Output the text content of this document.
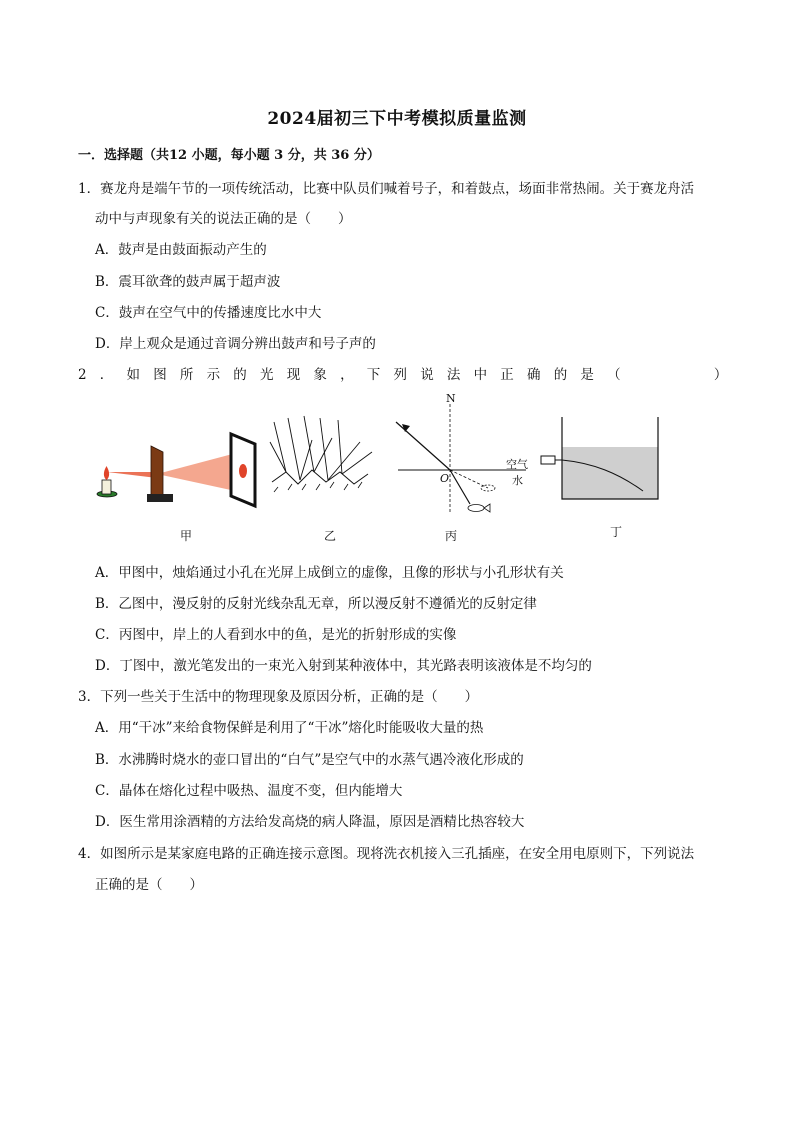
2024届初三下中考模拟质量监测
一．选择题（共12 小题，每小题 3 分，共 36 分）
1．赛龙舟是端午节的一项传统活动，比赛中队员们喊着号子，和着鼓点，场面非常热闹。关于赛龙舟活
动中与声现象有关的说法正确的是（　　）
A．鼓声是由鼓面振动产生的
B．震耳欲聋的鼓声属于超声波
C．鼓声在空气中的传播速度比水中大
D．岸上观众是通过音调分辨出鼓声和号子声的
2．如图所示的光现象，下列说法中正确的是（　　　）
甲	乙
N
O
空气
水
丙	丁
A．甲图中，烛焰通过小孔在光屏上成倒立的虚像，且像的形状与小孔形状有关
B．乙图中，漫反射的反射光线杂乱无章，所以漫反射不遵循光的反射定律
C．丙图中，岸上的人看到水中的鱼，是光的折射形成的实像
D．丁图中，激光笔发出的一束光入射到某种液体中，其光路表明该液体是不均匀的
3．下列一些关于生活中的物理现象及原因分析，正确的是（　　）
A．用“干冰”来给食物保鲜是利用了“干冰”熔化时能吸收大量的热
B．水沸腾时烧水的壶口冒出的“白气”是空气中的水蒸气遇冷液化形成的
C．晶体在熔化过程中吸热、温度不变，但内能增大
D．医生常用涂酒精的方法给发高烧的病人降温，原因是酒精比热容较大
4．如图所示是某家庭电路的正确连接示意图。现将洗衣机接入三孔插座，在安全用电原则下，下列说法
正确的是（　　）
